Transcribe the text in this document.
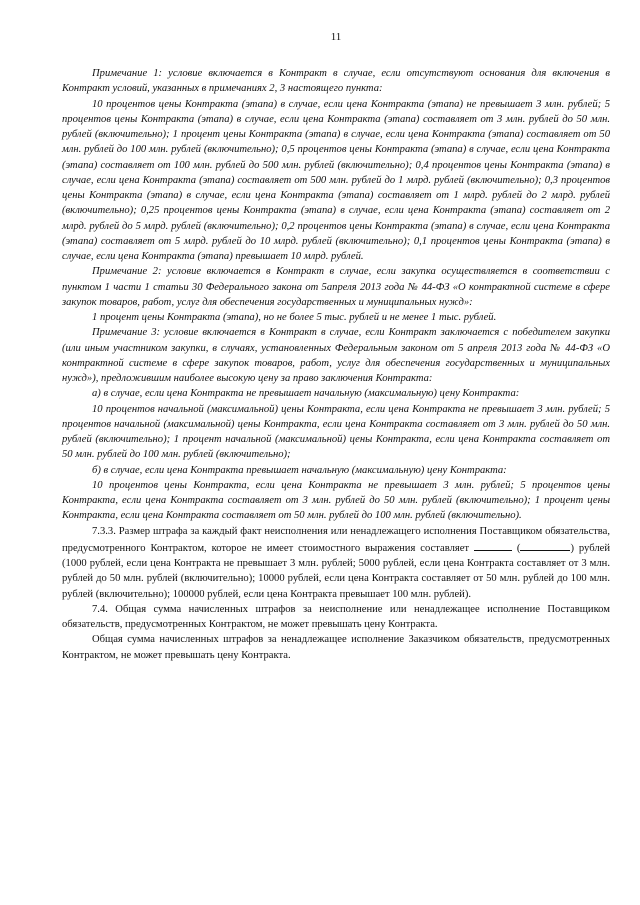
11

Примечание 1: условие включается в Контракт в случае, если отсутствуют основания для включения в Контракт условий, указанных в примечаниях 2, 3 настоящего пункта:

10 процентов цены Контракта (этапа) в случае, если цена Контракта (этапа) не превышает 3 млн. рублей; 5 процентов цены Контракта (этапа) в случае, если цена Контракта (этапа) составляет от 3 млн. рублей до 50 млн. рублей (включительно); 1 процент цены Контракта (этапа) в случае, если цена Контракта (этапа) составляет от 50 млн. рублей до 100 млн. рублей (включительно); 0,5 процентов цены Контракта (этапа) в случае, если цена Контракта (этапа) составляет от 100 млн. рублей до 500 млн. рублей (включительно); 0,4 процентов цены Контракта (этапа) в случае, если цена Контракта (этапа) составляет от 500 млн. рублей до 1 млрд. рублей (включительно); 0,3 процентов цены Контракта (этапа) в случае, если цена Контракта (этапа) составляет от 1 млрд. рублей до 2 млрд. рублей (включительно); 0,25 процентов цены Контракта (этапа) в случае, если цена Контракта (этапа) составляет от 2 млрд. рублей до 5 млрд. рублей (включительно); 0,2 процентов цены Контракта (этапа) в случае, если цена Контракта (этапа) составляет от 5 млрд. рублей до 10 млрд. рублей (включительно); 0,1 процентов цены Контракта (этапа) в случае, если цена Контракта (этапа) превышает 10 млрд. рублей.

Примечание 2: условие включается в Контракт в случае, если закупка осуществляется в соответствии с пунктом 1 части 1 статьи 30 Федерального закона от 5апреля 2013 года № 44-ФЗ «О контрактной системе в сфере закупок товаров, работ, услуг для обеспечения государственных и муниципальных нужд»:

1 процент цены Контракта (этапа), но не более 5 тыс. рублей и не менее 1 тыс. рублей.

Примечание 3: условие включается в Контракт в случае, если Контракт заключается с победителем закупки (или иным участником закупки, в случаях, установленных Федеральным законом от 5 апреля 2013 года № 44-ФЗ «О контрактной системе в сфере закупок товаров, работ, услуг для обеспечения государственных и муниципальных нужд»), предложившим наиболее высокую цену за право заключения Контракта:

а) в случае, если цена Контракта не превышает начальную (максимальную) цену Контракта:

10 процентов начальной (максимальной) цены Контракта, если цена Контракта не превышает 3 млн. рублей; 5 процентов начальной (максимальной) цены Контракта, если цена Контракта составляет от 3 млн. рублей до 50 млн. рублей (включительно); 1 процент начальной (максимальной) цены Контракта, если цена Контракта составляет от 50 млн. рублей до 100 млн. рублей (включительно);

б) в случае, если цена Контракта превышает начальную (максимальную) цену Контракта:

10 процентов цены Контракта, если цена Контракта не превышает 3 млн. рублей; 5 процентов цены Контракта, если цена Контракта составляет от 3 млн. рублей до 50 млн. рублей (включительно); 1 процент цены Контракта, если цена Контракта составляет от 50 млн. рублей до 100 млн. рублей (включительно).

7.3.3. Размер штрафа за каждый факт неисполнения или ненадлежащего исполнения Поставщиком обязательства, предусмотренного Контрактом, которое не имеет стоимостного выражения составляет	(	) рублей (1000 рублей, если цена Контракта не превышает 3 млн. рублей; 5000 рублей, если цена Контракта составляет от 3 млн. рублей до 50 млн. рублей (включительно); 10000 рублей, если цена Контракта составляет от 50 млн. рублей до 100 млн. рублей (включительно); 100000 рублей, если цена Контракта превышает 100 млн. рублей).

7.4. Общая сумма начисленных штрафов за неисполнение или ненадлежащее исполнение Поставщиком обязательств, предусмотренных Контрактом, не может превышать цену Контракта.

Общая сумма начисленных штрафов за ненадлежащее исполнение Заказчиком обязательств, предусмотренных Контрактом, не может превышать цену Контракта.
